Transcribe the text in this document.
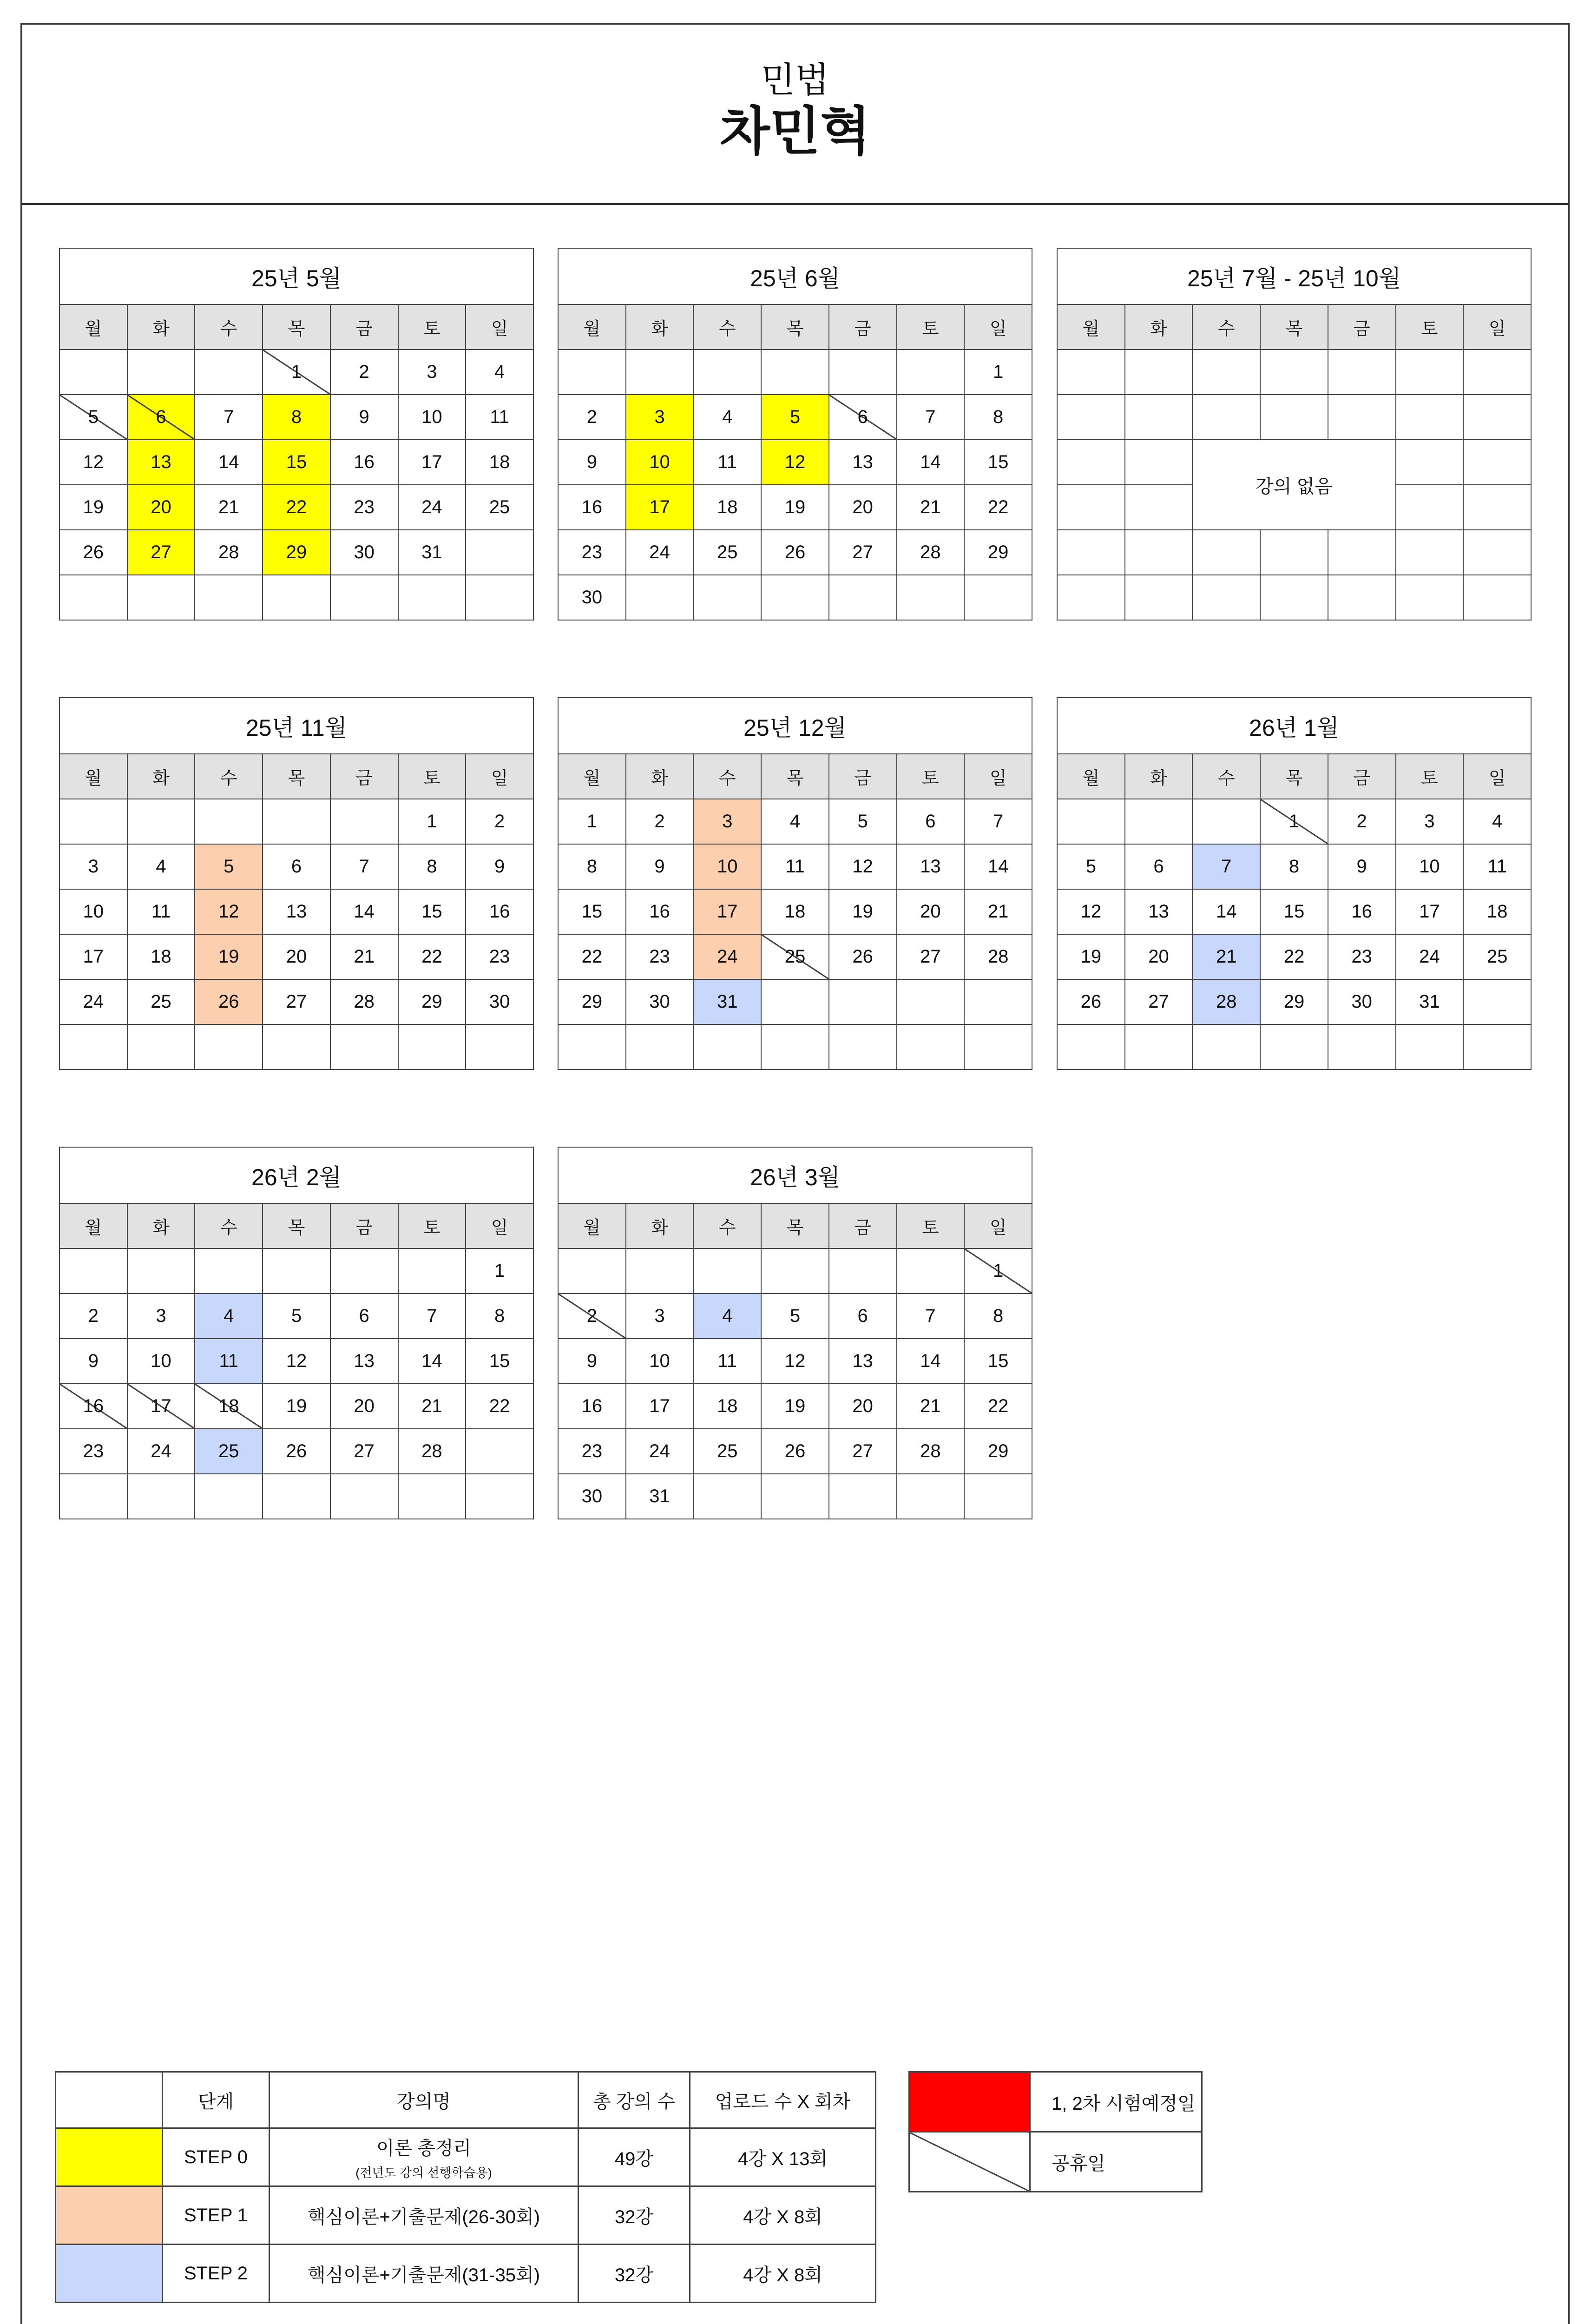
민법
차민혁
25년 5월						
월	화	수	목	금	토	일
			1	2	3	4
5	6	7	8	9	10	11
12	13	14	15	16	17	18
19	20	21	22	23	24	25
26	27	28	29	30	31	

25년 6월						
월	화	수	목	금	토	일
						1
2	3	4	5	6	7	8
9	10	11	12	13	14	15
16	17	18	19	20	21	22
23	24	25	26	27	28	29
30						
25년 7월 - 25년 10월						
월	화	수	목	금	토	일

		강의 없음				

25년 11월						
월	화	수	목	금	토	일
					1	2
3	4	5	6	7	8	9
10	11	12	13	14	15	16
17	18	19	20	21	22	23
24	25	26	27	28	29	30

25년 12월						
월	화	수	목	금	토	일
1	2	3	4	5	6	7
8	9	10	11	12	13	14
15	16	17	18	19	20	21
22	23	24	25	26	27	28
29	30	31				

26년 1월						
월	화	수	목	금	토	일
			1	2	3	4
5	6	7	8	9	10	11
12	13	14	15	16	17	18
19	20	21	22	23	24	25
26	27	28	29	30	31	

26년 2월						
월	화	수	목	금	토	일
						1
2	3	4	5	6	7	8
9	10	11	12	13	14	15
16	17	18	19	20	21	22
23	24	25	26	27	28	

26년 3월						
월	화	수	목	금	토	일
						1
2	3	4	5	6	7	8
9	10	11	12	13	14	15
16	17	18	19	20	21	22
23	24	25	26	27	28	29
30	31					
	단계	강의명	총 강의 수	업로드 수 X 회차
	STEP 0	이론 총정리
(전년도 강의 선행학습용)	49강	4강 X 13회
	STEP 1	핵심이론+기출문제(26-30회)	32강	4강 X 8회
	STEP 2	핵심이론+기출문제(31-35회)	32강	4강 X 8회
	1, 2차 시험예정일
	공휴일
